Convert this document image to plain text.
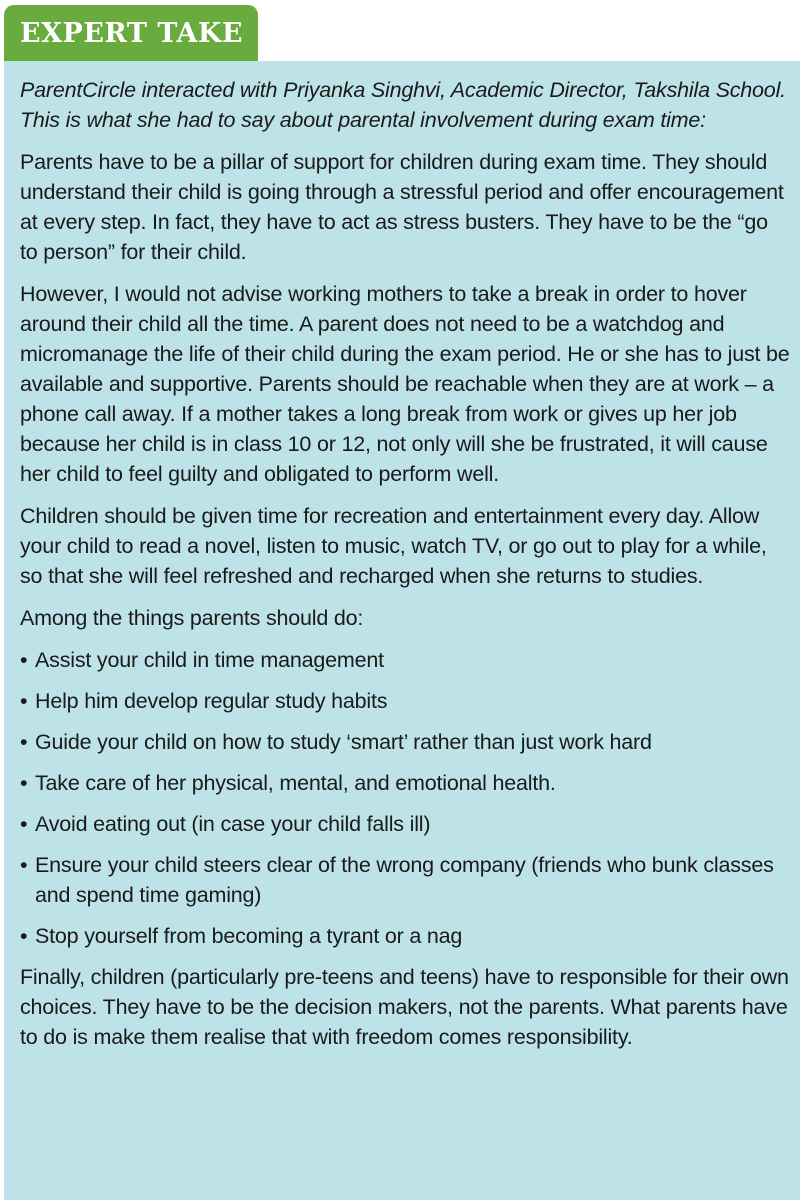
EXPERT TAKE

ParentCircle interacted with Priyanka Singhvi, Academic Director, Takshila School. This is what she had to say about parental involvement during exam time:

Parents have to be a pillar of support for children during exam time. They should understand their child is going through a stressful period and offer encouragement at every step. In fact, they have to act as stress busters. They have to be the “go to person” for their child.

However, I would not advise working mothers to take a break in order to hover around their child all the time. A parent does not need to be a watchdog and micromanage the life of their child during the exam period. He or she has to just be available and supportive. Parents should be reachable when they are at work – a phone call away. If a mother takes a long break from work or gives up her job because her child is in class 10 or 12, not only will she be frustrated, it will cause her child to feel guilty and obligated to perform well.

Children should be given time for recreation and entertainment every day. Allow your child to read a novel, listen to music, watch TV, or go out to play for a while, so that she will feel refreshed and recharged when she returns to studies.

Among the things parents should do:

• Assist your child in time management
• Help him develop regular study habits
• Guide your child on how to study ‘smart’ rather than just work hard
• Take care of her physical, mental, and emotional health.
• Avoid eating out (in case your child falls ill)
• Ensure your child steers clear of the wrong company (friends who bunk classes and spend time gaming)
• Stop yourself from becoming a tyrant or a nag

Finally, children (particularly pre-teens and teens) have to responsible for their own choices. They have to be the decision makers, not the parents. What parents have to do is make them realise that with freedom comes responsibility.
